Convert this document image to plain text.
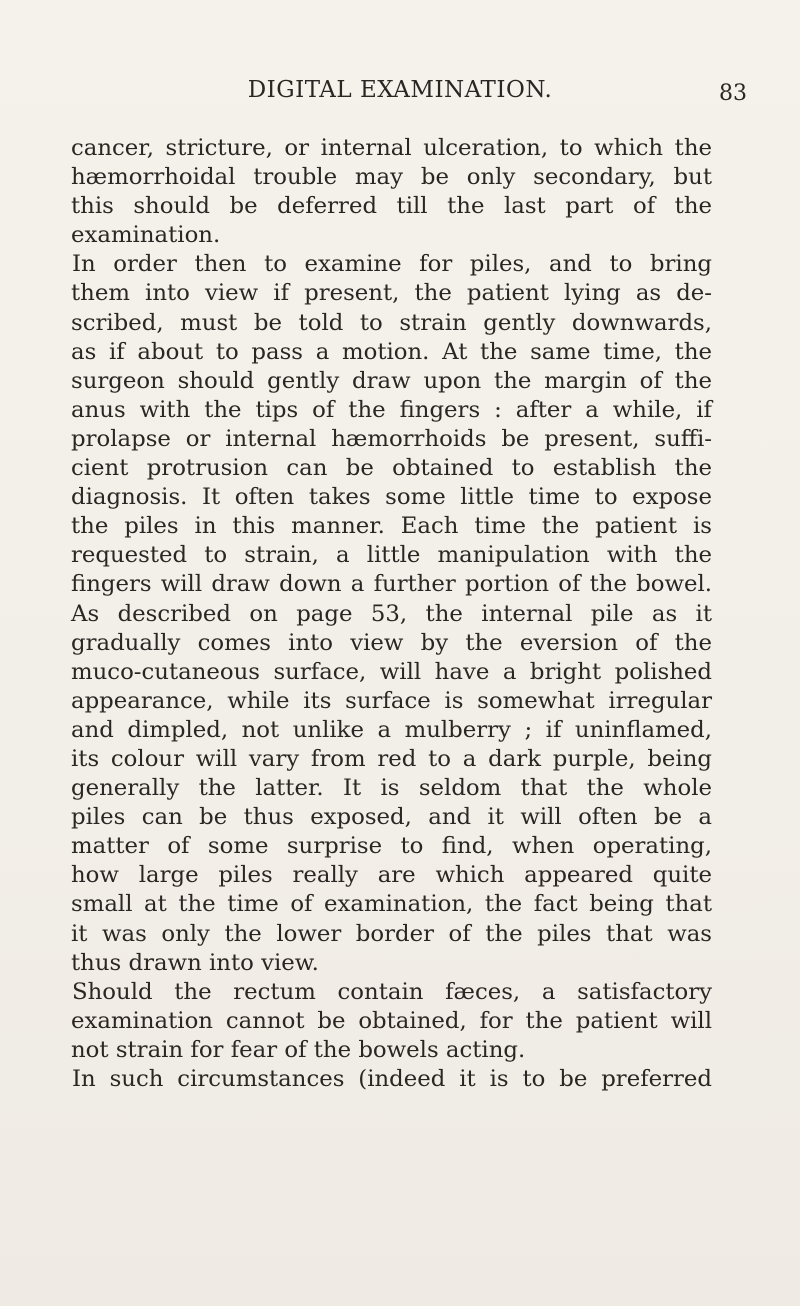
DIGITAL EXAMINATION.	83
cancer, stricture, or internal ulceration, to which the
hæmorrhoidal trouble may be only secondary, but
this should be deferred till the last part of the
examination.
In order then to examine for piles, and to bring
them into view if present, the patient lying as de-
scribed, must be told to strain gently downwards,
as if about to pass a motion. At the same time, the
surgeon should gently draw upon the margin of the
anus with the tips of the fingers : after a while, if
prolapse or internal hæmorrhoids be present, suffi-
cient protrusion can be obtained to establish the
diagnosis. It often takes some little time to expose
the piles in this manner. Each time the patient is
requested to strain, a little manipulation with the
fingers will draw down a further portion of the bowel.
As described on page 53, the internal pile as it
gradually comes into view by the eversion of the
muco-cutaneous surface, will have a bright polished
appearance, while its surface is somewhat irregular
and dimpled, not unlike a mulberry ; if uninflamed,
its colour will vary from red to a dark purple, being
generally the latter. It is seldom that the whole
piles can be thus exposed, and it will often be a
matter of some surprise to find, when operating,
how large piles really are which appeared quite
small at the time of examination, the fact being that
it was only the lower border of the piles that was
thus drawn into view.
Should the rectum contain fæces, a satisfactory
examination cannot be obtained, for the patient will
not strain for fear of the bowels acting.
In such circumstances (indeed it is to be preferred
